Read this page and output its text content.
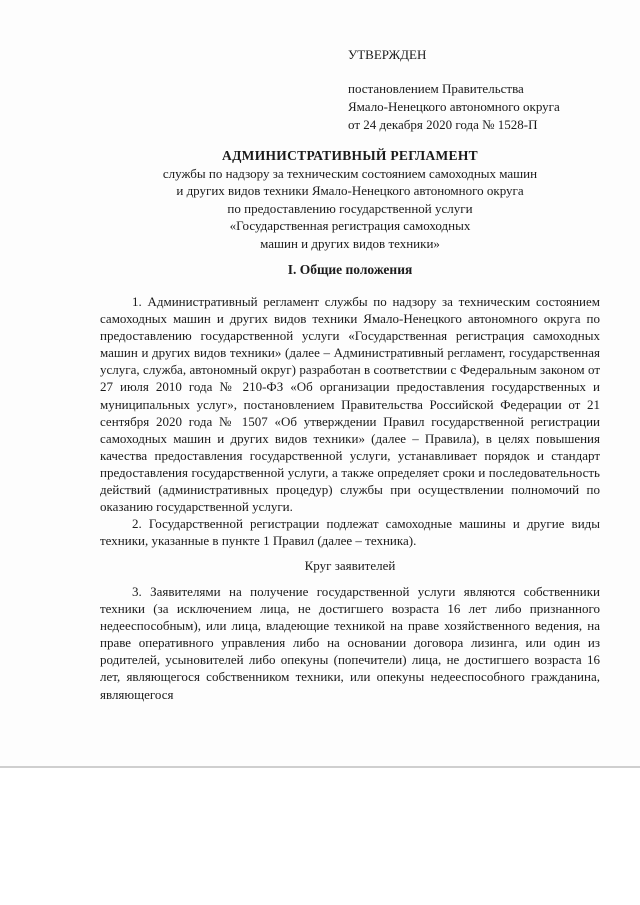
УТВЕРЖДЕН
постановлением Правительства
Ямало-Ненецкого автономного округа
от 24 декабря 2020 года № 1528-П
АДМИНИСТРАТИВНЫЙ РЕГЛАМЕНТ
службы по надзору за техническим состоянием самоходных машин
и других видов техники Ямало-Ненецкого автономного округа
по предоставлению государственной услуги
«Государственная регистрация самоходных
машин и других видов техники»
I. Общие положения

1. Административный регламент службы по надзору за техническим состоянием самоходных машин и других видов техники Ямало-Ненецкого автономного округа по предоставлению государственной услуги «Государственная регистрация самоходных машин и других видов техники» (далее – Административный регламент, государственная услуга, служба, автономный округ) разработан в соответствии с Федеральным законом от 27 июля 2010 года № 210-ФЗ «Об организации предоставления государственных и муниципальных услуг», постановлением Правительства Российской Федерации от 21 сентября 2020 года № 1507 «Об утверждении Правил государственной регистрации самоходных машин и других видов техники» (далее – Правила), в целях повышения качества предоставления государственной услуги, устанавливает порядок и стандарт предоставления государственной услуги, а также определяет сроки и последовательность действий (административных процедур) службы при осуществлении полномочий по оказанию государственной услуги.

2. Государственной регистрации подлежат самоходные машины и другие виды техники, указанные в пункте 1 Правил (далее – техника).

Круг заявителей

3. Заявителями на получение государственной услуги являются собственники техники (за исключением лица, не достигшего возраста 16 лет либо признанного недееспособным), или лица, владеющие техникой на праве хозяйственного ведения, на праве оперативного управления либо на основании договора лизинга, или один из родителей, усыновителей либо опекуны (попечители) лица, не достигшего возраста 16 лет, являющегося собственником техники, или опекуны недееспособного гражданина, являющегося
